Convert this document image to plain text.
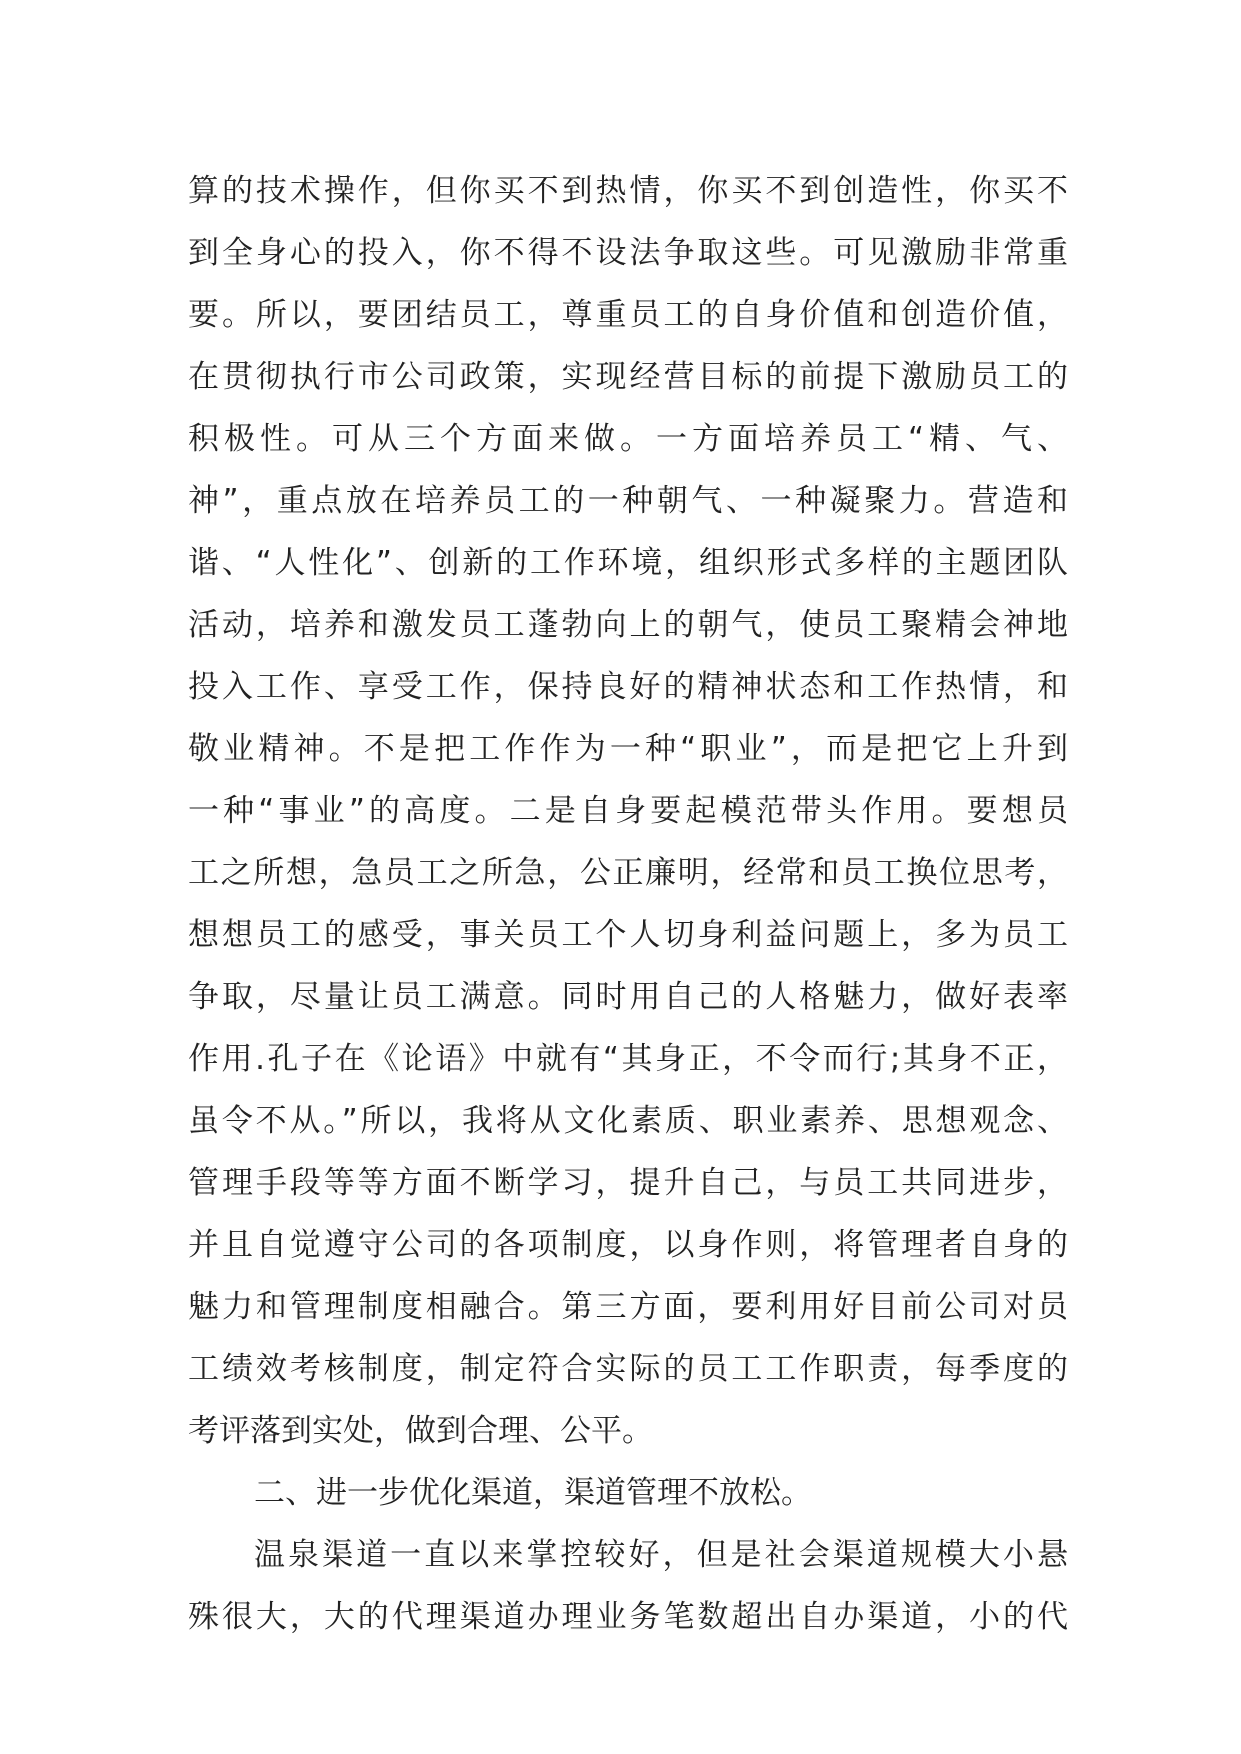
算的技术操作，但你买不到热情，你买不到创造性，你买不
到全身心的投入，你不得不设法争取这些。可见激励非常重
要。所以，要团结员工，尊重员工的自身价值和创造价值，
在贯彻执行市公司政策，实现经营目标的前提下激励员工的
积极性。可从三个方面来做。一方面培养员工“精、气、
神”，重点放在培养员工的一种朝气、一种凝聚力。营造和
谐、“人性化”、创新的工作环境，组织形式多样的主题团队
活动，培养和激发员工蓬勃向上的朝气，使员工聚精会神地
投入工作、享受工作，保持良好的精神状态和工作热情，和
敬业精神。不是把工作作为一种“职业”，而是把它上升到
一种“事业”的高度。二是自身要起模范带头作用。要想员
工之所想，急员工之所急，公正廉明，经常和员工换位思考，
想想员工的感受，事关员工个人切身利益问题上，多为员工
争取，尽量让员工满意。同时用自己的人格魅力，做好表率
作用.孔子在《论语》中就有“其身正，不令而行;其身不正，
虽令不从。”所以，我将从文化素质、职业素养、思想观念、
管理手段等等方面不断学习，提升自己，与员工共同进步，
并且自觉遵守公司的各项制度，以身作则，将管理者自身的
魅力和管理制度相融合。第三方面，要利用好目前公司对员
工绩效考核制度，制定符合实际的员工工作职责，每季度的
考评落到实处，做到合理、公平。
二、进一步优化渠道，渠道管理不放松。
温泉渠道一直以来掌控较好，但是社会渠道规模大小悬
殊很大，大的代理渠道办理业务笔数超出自办渠道，小的代
